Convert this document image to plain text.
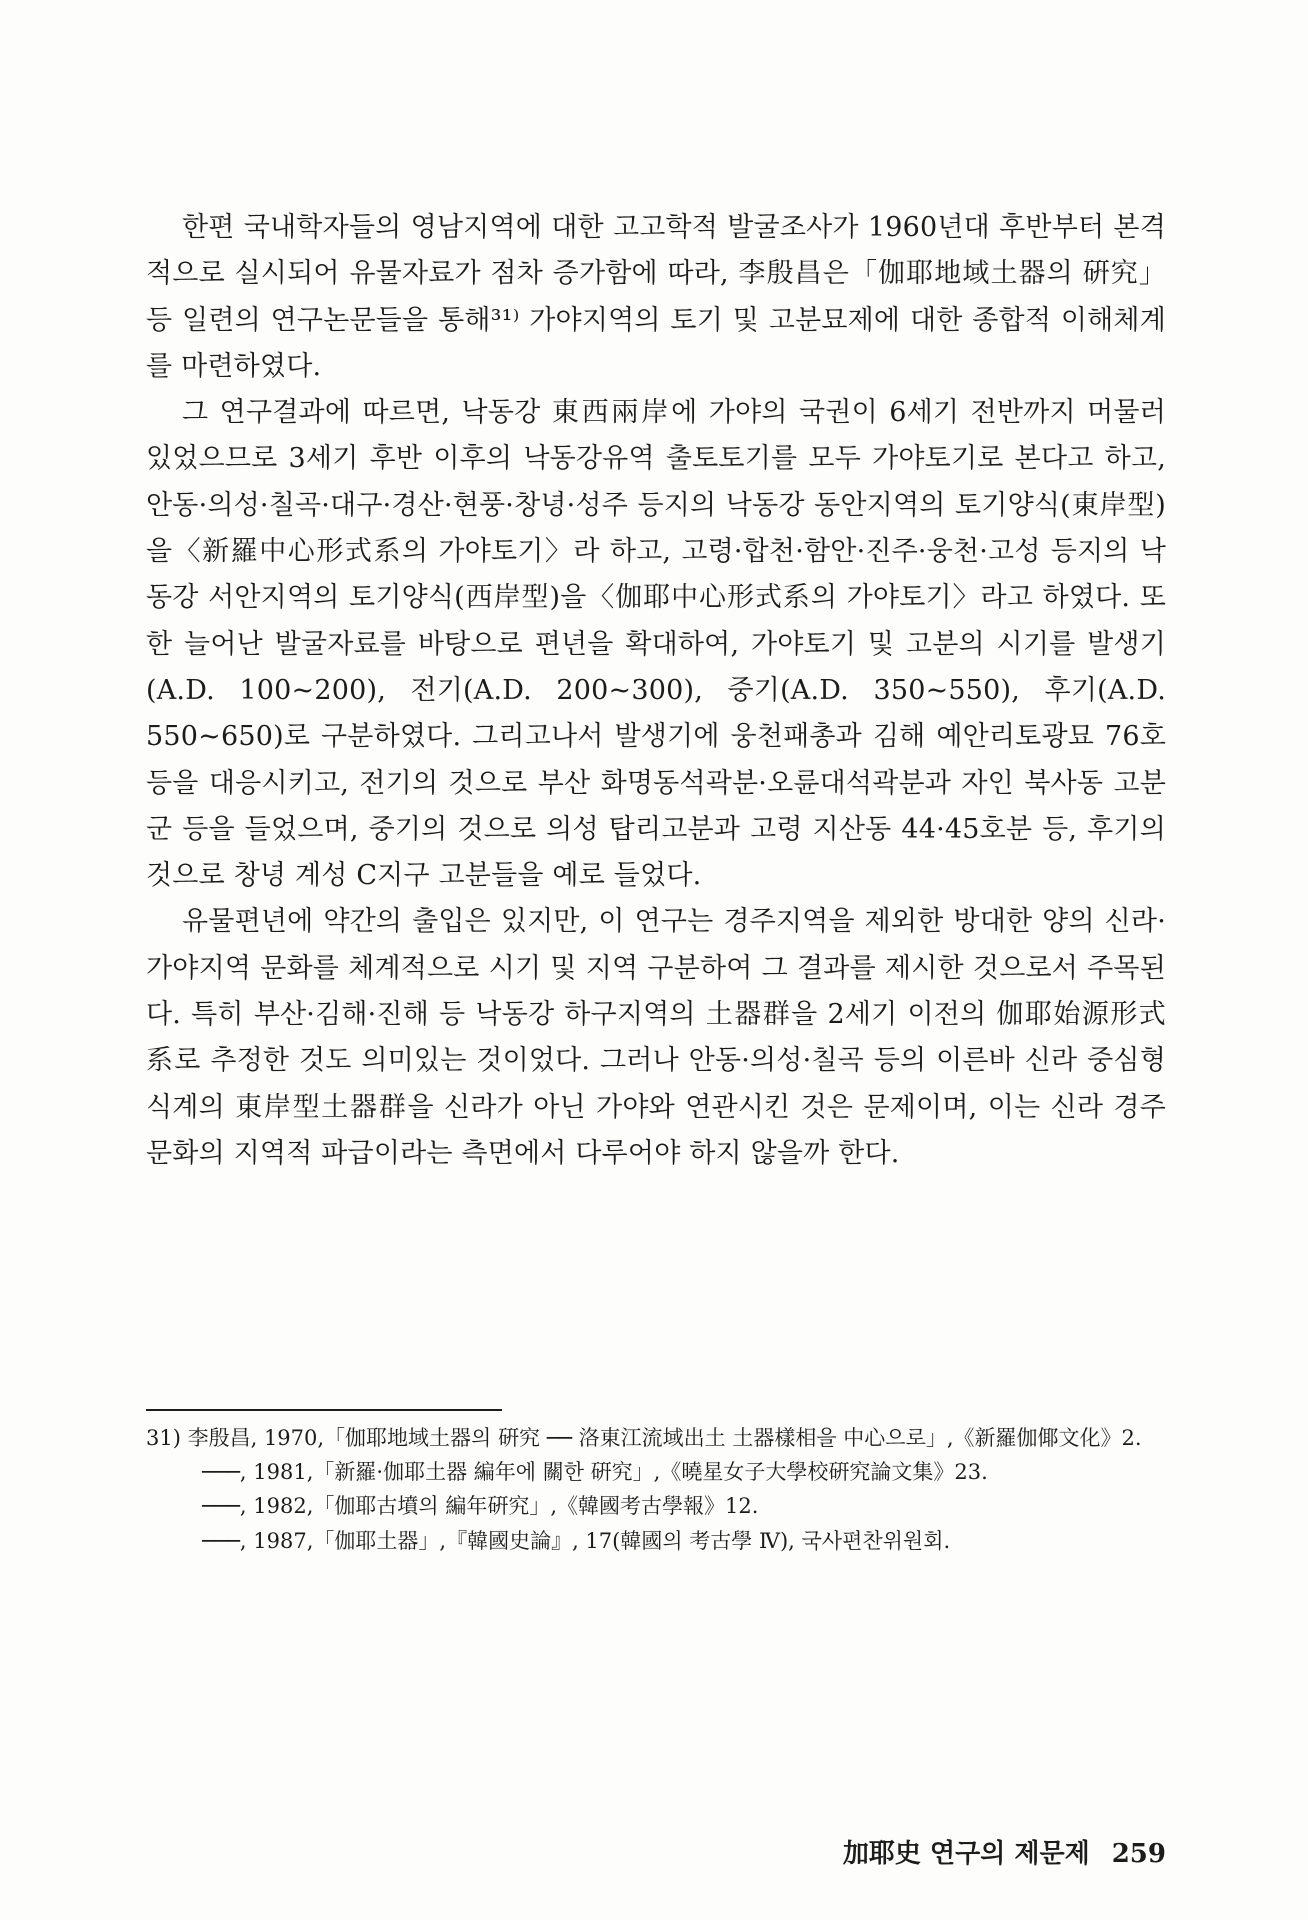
한편 국내학자들의 영남지역에 대한 고고학적 발굴조사가 1960년대 후반부터 본격적으로 실시되어 유물자료가 점차 증가함에 따라, 李殷昌은「伽耶地域土器의 硏究」등 일련의 연구논문들을 통해³¹⁾ 가야지역의 토기 및 고분묘제에 대한 종합적 이해체계를 마련하였다.

그 연구결과에 따르면, 낙동강 東西兩岸에 가야의 국권이 6세기 전반까지 머물러 있었으므로 3세기 후반 이후의 낙동강유역 출토토기를 모두 가야토기로 본다고 하고, 안동·의성·칠곡·대구·경산·현풍·창녕·성주 등지의 낙동강 동안지역의 토기양식(東岸型)을〈新羅中心形式系의 가야토기〉라 하고, 고령·합천·함안·진주·웅천·고성 등지의 낙동강 서안지역의 토기양식(西岸型)을〈伽耶中心形式系의 가야토기〉라고 하였다. 또한 늘어난 발굴자료를 바탕으로 편년을 확대하여, 가야토기 및 고분의 시기를 발생기(A.D. 100~200), 전기(A.D. 200~300), 중기(A.D. 350~550), 후기(A.D. 550~650)로 구분하였다. 그리고나서 발생기에 웅천패총과 김해 예안리토광묘 76호 등을 대응시키고, 전기의 것으로 부산 화명동석곽분·오륜대석곽분과 자인 북사동 고분군 등을 들었으며, 중기의 것으로 의성 탑리고분과 고령 지산동 44·45호분 등, 후기의 것으로 창녕 계성 C지구 고분들을 예로 들었다.

유물편년에 약간의 출입은 있지만, 이 연구는 경주지역을 제외한 방대한 양의 신라·가야지역 문화를 체계적으로 시기 및 지역 구분하여 그 결과를 제시한 것으로서 주목된다. 특히 부산·김해·진해 등 낙동강 하구지역의 土器群을 2세기 이전의 伽耶始源形式系로 추정한 것도 의미있는 것이었다. 그러나 안동·의성·칠곡 등의 이른바 신라 중심형식계의 東岸型土器群을 신라가 아닌 가야와 연관시킨 것은 문제이며, 이는 신라 경주문화의 지역적 파급이라는 측면에서 다루어야 하지 않을까 한다.

31) 李殷昌, 1970,「伽耶地域土器의 硏究 ── 洛東江流域出土 土器樣相을 中心으로」,《新羅伽倻文化》2.

───, 1981,「新羅·伽耶土器 編年에 關한 硏究」,《曉星女子大學校硏究論文集》23.

───, 1982,「伽耶古墳의 編年硏究」,《韓國考古學報》12.

───, 1987,「伽耶土器」,『韓國史論』, 17(韓國의 考古學 Ⅳ), 국사편찬위원회.

加耶史 연구의 제문제 259
